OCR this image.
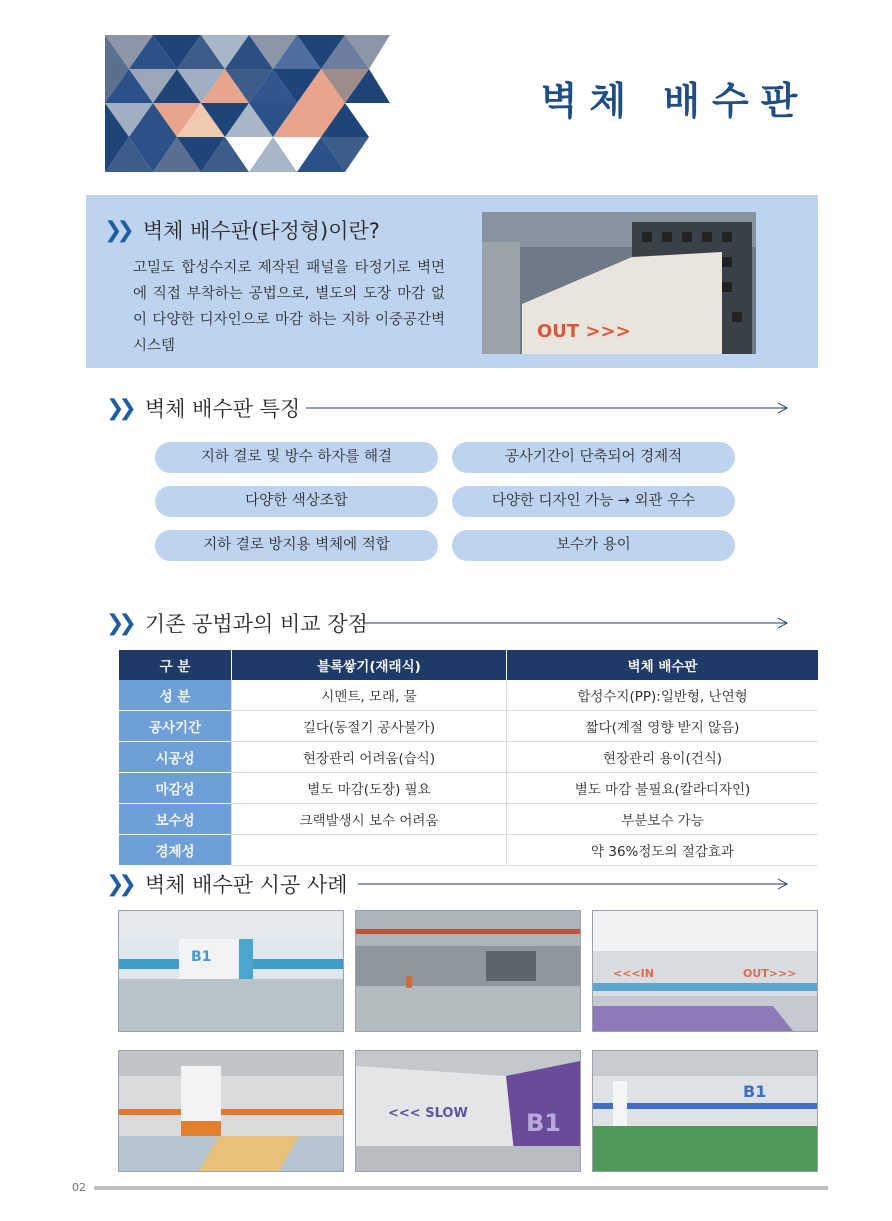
벽체 배수판
❯❯ 벽체 배수판(타정형)이란?
고밀도 합성수지로 제작된 패널을 타정기로 벽면에 직접 부착하는 공법으로, 별도의 도장 마감 없이 다양한 디자인으로 마감 하는 지하 이중공간벽 시스템
OUT >>>
❯❯ 벽체 배수판 특징
지하 결로 및 방수 하자를 해결	공사기간이 단축되어 경제적
다양한 색상조합	다양한 디자인 가능 → 외관 우수
지하 결로 방지용 벽체에 적합	보수가 용이
❯❯ 기존 공법과의 비교 장점
구 분	블록쌓기(재래식)	벽체 배수판
성 분	시멘트, 모래, 물	합성수지(PP):일반형, 난연형
공사기간	길다(동절기 공사불가)	짧다(계절 영향 받지 않음)
시공성	현장관리 어려움(습식)	현장관리 용이(건식)
마감성	별도 마감(도장) 필요	별도 마감 불필요(칼라디자인)
보수성	크랙발생시 보수 어려움	부분보수 가능
경제성		약 36%정도의 절감효과
❯❯ 벽체 배수판 시공 사례
B1
<<<IN	OUT>>>
<<< SLOW B1
B1
02
